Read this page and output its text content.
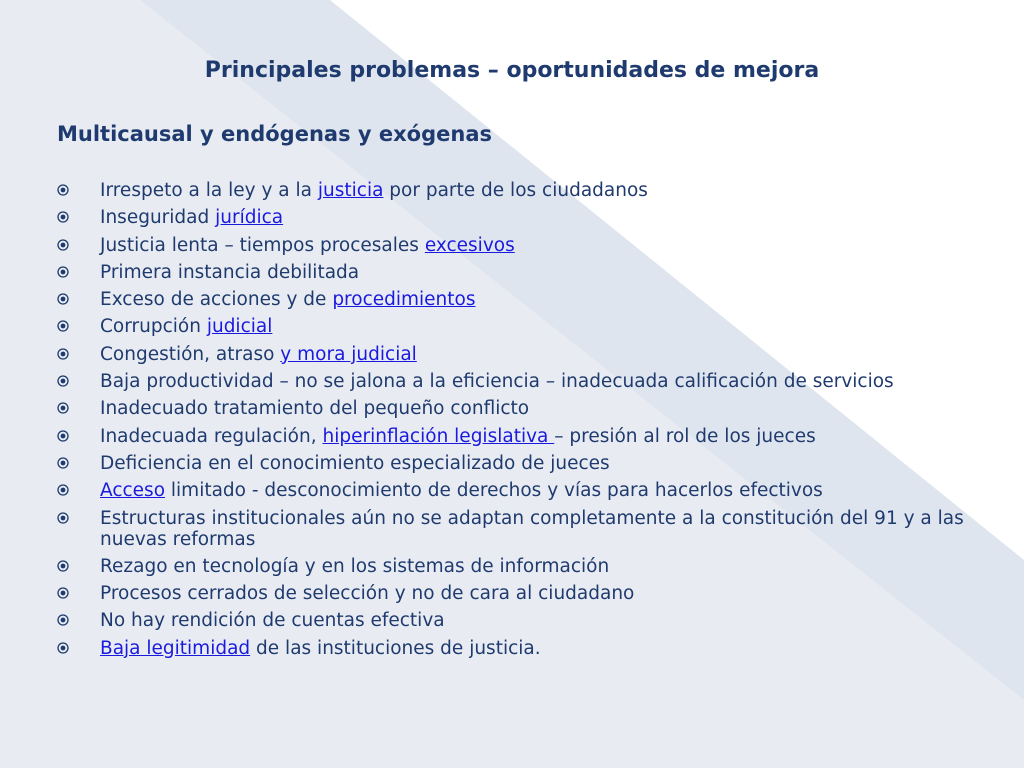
Principales problemas – oportunidades de mejora
Multicausal y endógenas y exógenas
Irrespeto a la ley y a la justicia por parte de los ciudadanos
Inseguridad jurídica
Justicia lenta – tiempos procesales excesivos
Primera instancia debilitada
Exceso de acciones y de procedimientos
Corrupción judicial
Congestión, atraso y mora judicial
Baja productividad – no se jalona a la eficiencia – inadecuada calificación de servicios
Inadecuado tratamiento del pequeño conflicto
Inadecuada regulación, hiperinflación legislativa – presión al rol de los jueces
Deficiencia en el conocimiento especializado de jueces
Acceso limitado - desconocimiento de derechos y vías para hacerlos efectivos
Estructuras institucionales aún no se adaptan completamente a la constitución del 91 y a las nuevas reformas
Rezago en tecnología y en los sistemas de información
Procesos cerrados de selección y no de cara al ciudadano
No hay rendición de cuentas efectiva
Baja legitimidad de las instituciones de justicia.
